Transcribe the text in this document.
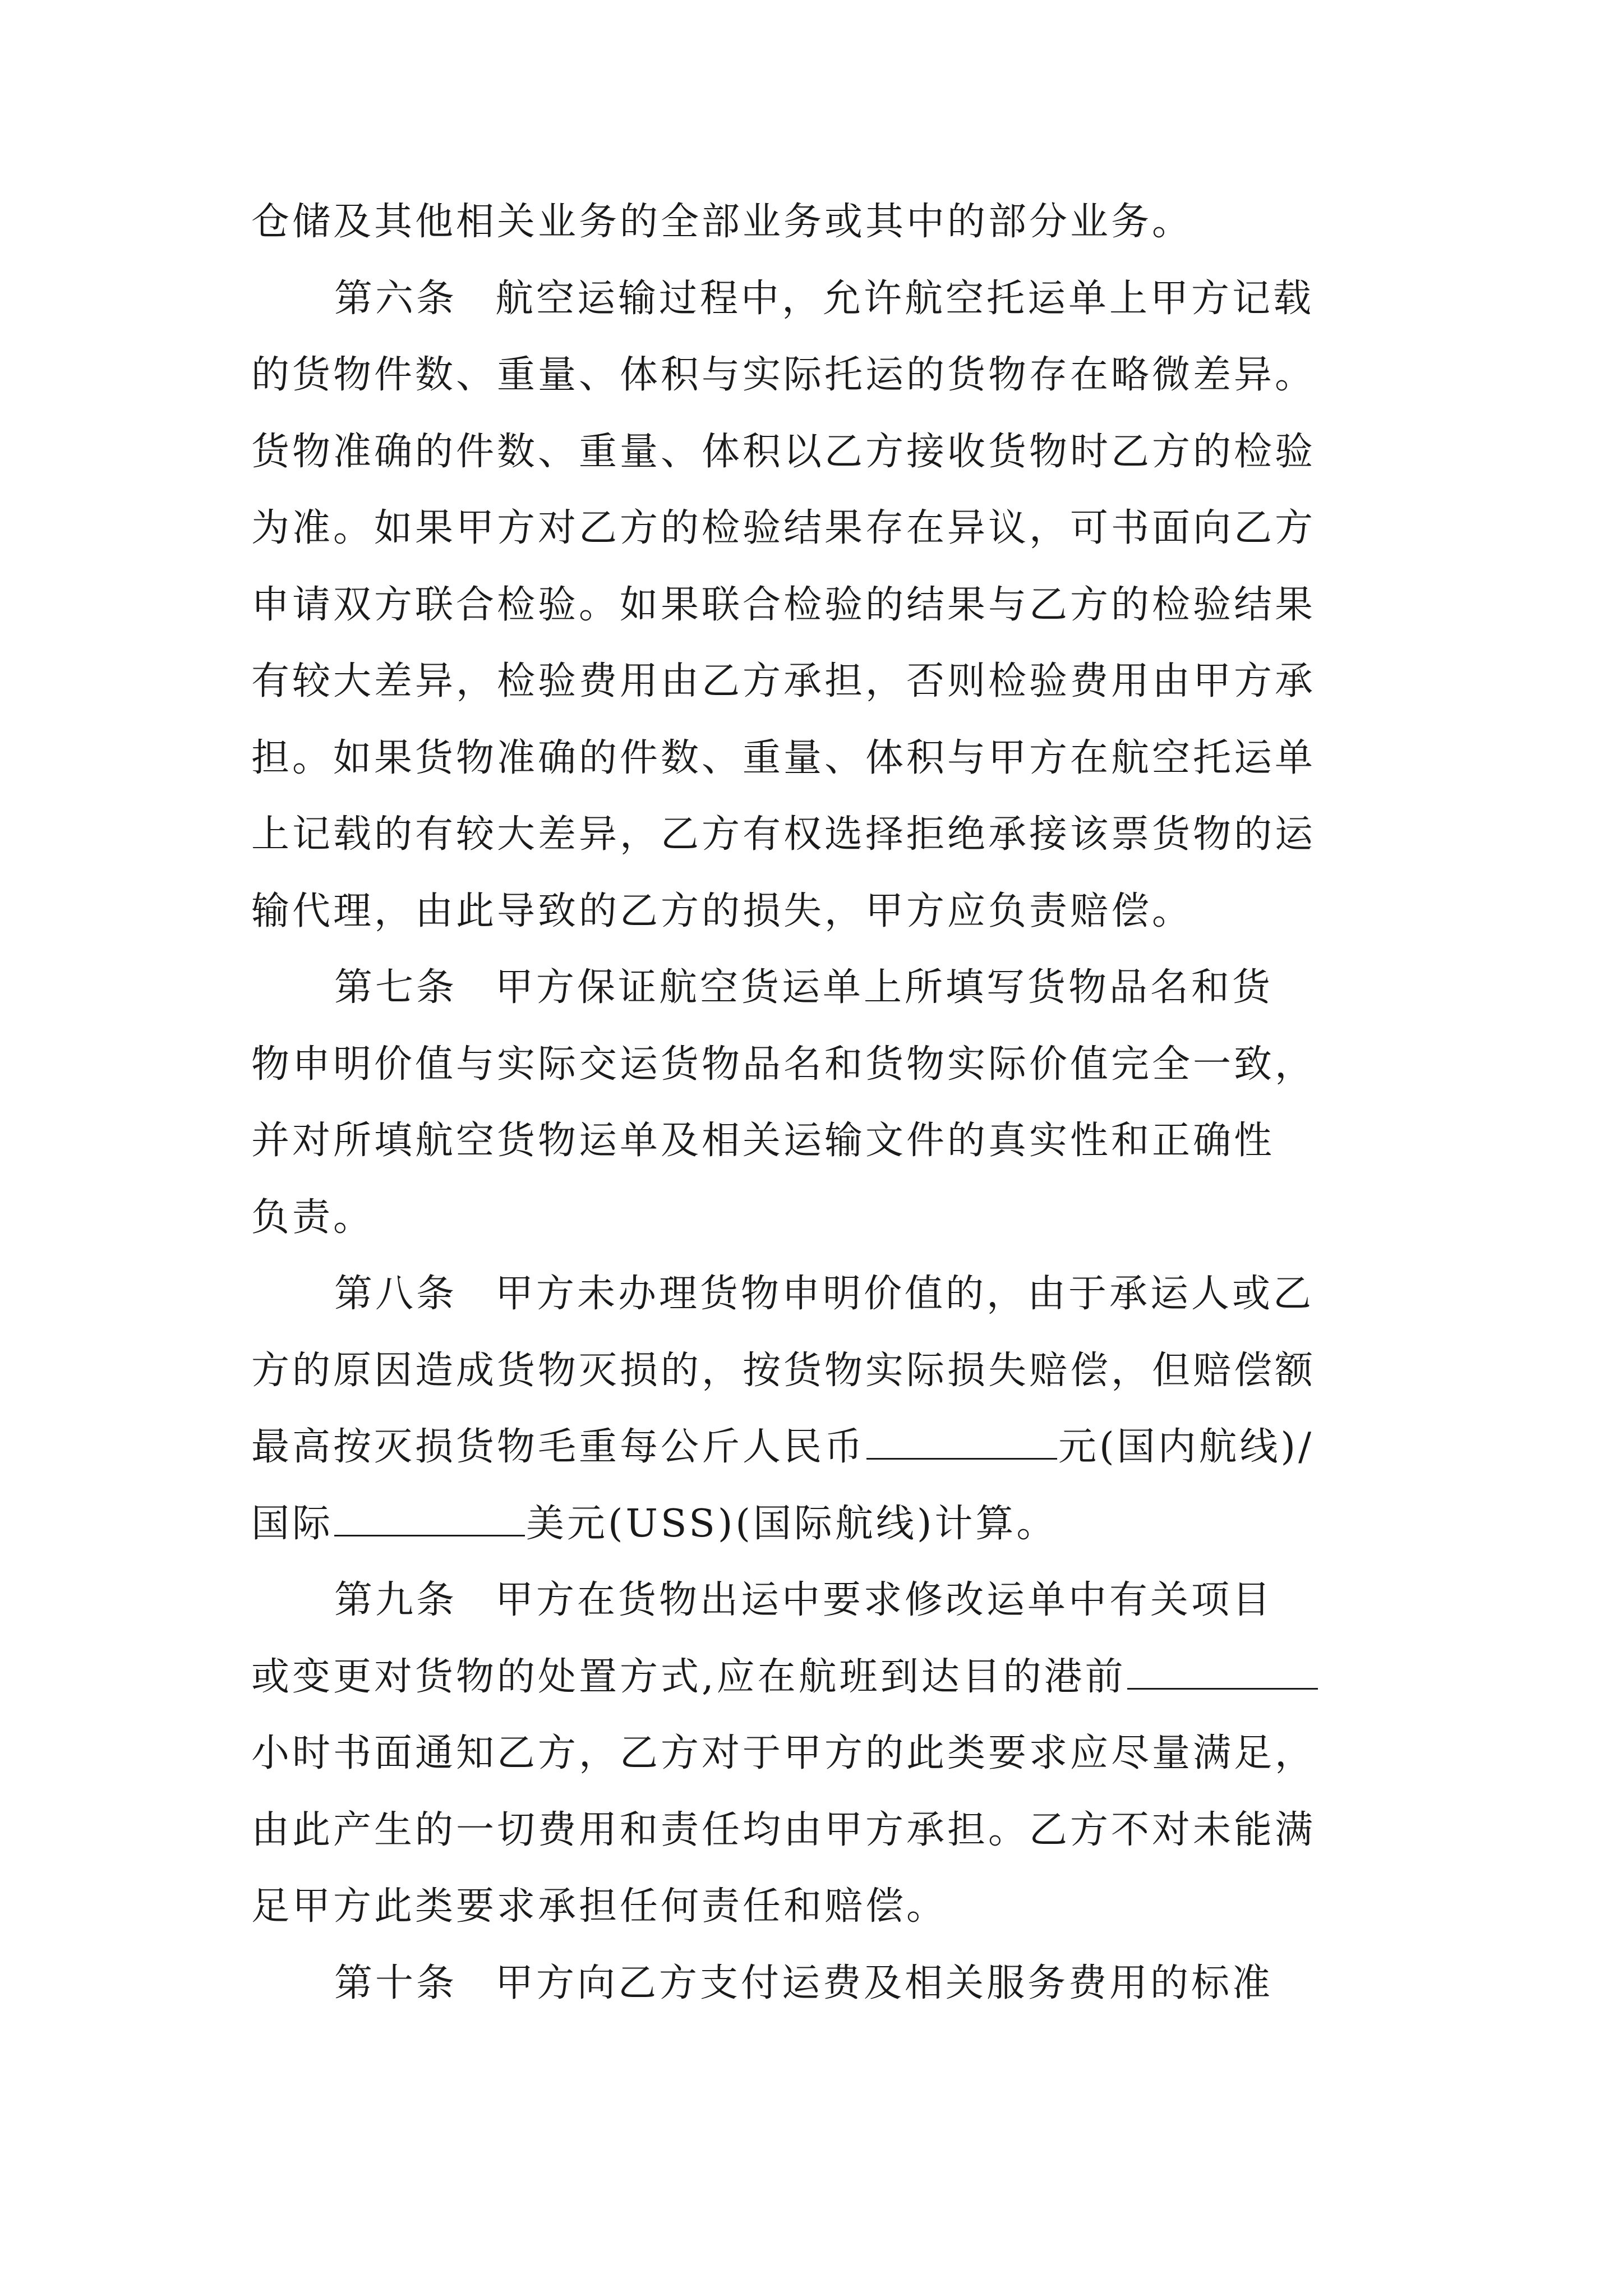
仓储及其他相关业务的全部业务或其中的部分业务。
第六条 航空运输过程中，允许航空托运单上甲方记载
的货物件数、重量、体积与实际托运的货物存在略微差异。
货物准确的件数、重量、体积以乙方接收货物时乙方的检验
为准。如果甲方对乙方的检验结果存在异议，可书面向乙方
申请双方联合检验。如果联合检验的结果与乙方的检验结果
有较大差异，检验费用由乙方承担，否则检验费用由甲方承
担。如果货物准确的件数、重量、体积与甲方在航空托运单
上记载的有较大差异，乙方有权选择拒绝承接该票货物的运
输代理，由此导致的乙方的损失，甲方应负责赔偿。
第七条 甲方保证航空货运单上所填写货物品名和货
物申明价值与实际交运货物品名和货物实际价值完全一致，
并对所填航空货物运单及相关运输文件的真实性和正确性
负责。
第八条 甲方未办理货物申明价值的，由于承运人或乙
方的原因造成货物灭损的，按货物实际损失赔偿，但赔偿额
最高按灭损货物毛重每公斤人民币	元(国内航线)/
国际	美元(USS)(国际航线)计算。
第九条 甲方在货物出运中要求修改运单中有关项目
或变更对货物的处置方式,应在航班到达目的港前
小时书面通知乙方，乙方对于甲方的此类要求应尽量满足，
由此产生的一切费用和责任均由甲方承担。乙方不对未能满
足甲方此类要求承担任何责任和赔偿。
第十条 甲方向乙方支付运费及相关服务费用的标准
